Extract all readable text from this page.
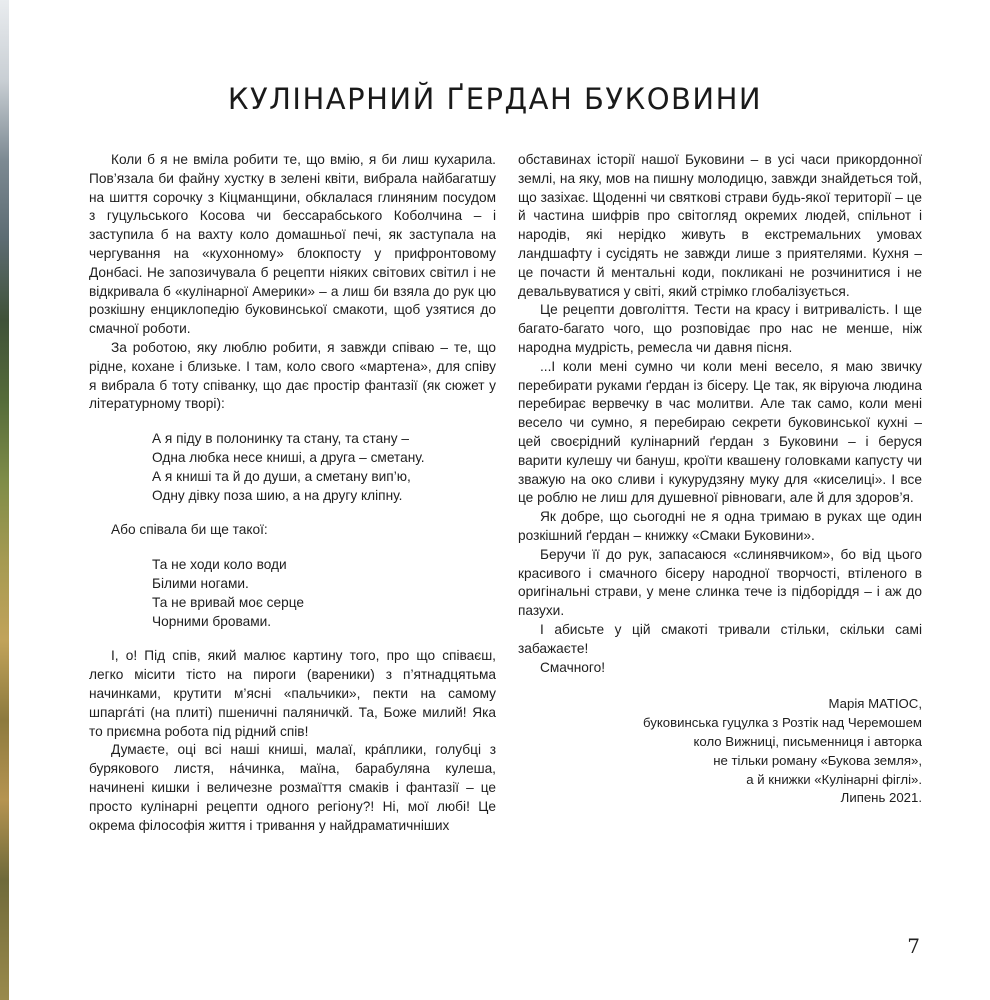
КУЛІНАРНИЙ ҐЕРДАН БУКОВИНИ

Коли б я не вміла робити те, що вмію, я би лиш кухарила. Пов’язала би файну хустку в зелені квіти, вибрала найбагатшу на шиття сорочку з Кіцманщини, обклалася глиняним посудом з гуцульського Косова чи бессарабського Коболчина – і заступила б на вахту коло домашньої печі, як заступала на чергування на «кухонному» блокпосту у прифронтовому Донбасі. Не запозичувала б рецепти ніяких світових світил і не відкривала б «кулінарної Америки» – а лиш би взяла до рук цю розкішну енциклопедію буковинської смакоти, щоб узятися до смачної роботи.

За роботою, яку люблю робити, я завжди співаю – те, що рідне, кохане і близьке. І там, коло свого «мартена», для співу я вибрала б тоту співанку, що дає простір фантазії (як сюжет у літературному творі):

А я піду в полонинку та стану, та стану –
Одна любка несе книші, а друга – сметану.
А я книші та й до души, а сметану вип’ю,
Одну дівку поза шию, а на другу кліпну.

Або співала би ще такої:

Та не ходи коло води
Білими ногами.
Та не вривай моє серце
Чорними бровами.

І, о! Під спів, який малює картину того, про що співаєш, легко місити тісто на пироги (вареники) з п’ятнадцятьма начинками, крутити м’ясні «пальчики», пекти на самому шпаргáті (на плиті) пшеничні паляничкй. Та, Боже милий! Яка то приємна робота під рідний спів!

Думаєте, оці всі наші книші, малаї, кра́плики, голубці з бурякового листя, на́чинка, маїна, барабуляна кулеша, начинені кишки і величезне розмаїття смаків і фантазії – це просто кулінарні рецепти одного регіону?! Ні, мої любі! Це окрема філософія життя і тривання у найдраматичніших

обставинах історії нашої Буковини – в усі часи прикордонної землі, на яку, мов на пишну молодицю, завжди знайдеться той, що зазіхає. Щоденні чи святкові страви будь-якої території – це й частина шифрів про світогляд окремих людей, спільнот і народів, які нерідко живуть в екстремальних умовах ландшафту і сусідять не завжди лише з приятелями. Кухня – це почасти й ментальні коди, покликані не розчинитися і не девальвуватися у світі, який стрімко глобалізується.

Це рецепти довголіття. Тести на красу і витривалість. І ще багато-багато чого, що розповідає про нас не менше, ніж народна мудрість, ремесла чи давня пісня.

...І коли мені сумно чи коли мені весело, я маю звичку перебирати руками ґердан із бісеру. Це так, як віруюча людина перебирає вервечку в час молитви. Але так само, коли мені весело чи сумно, я перебираю секрети буковинської кухні – цей своєрідний кулінарний ґердан з Буковини – і беруся варити кулешу чи бануш, кроїти квашену головками капусту чи зважую на око сливи і кукурудзяну муку для «киселиці». І все це роблю не лиш для душевної рівноваги, але й для здоров’я.

Як добре, що сьогодні не я одна тримаю в руках ще один розкішний ґердан – книжку «Смаки Буковини».

Беручи її до рук, запасаюся «слинявчиком», бо від цього красивого і смачного бісеру народної творчості, втіленого в оригінальні страви, у мене слинка тече із підборіддя – і аж до пазухи.

І абисьте у цій смакоті тривали стільки, скільки самі забажаєте!

Смачного!

Марія МАТІОС,
буковинська гуцулка з Розтік над Черемошем
коло Вижниці, письменниця і авторка
не тільки роману «Букова земля»,
а й книжки «Кулінарні фіглі».
Липень 2021.
7
